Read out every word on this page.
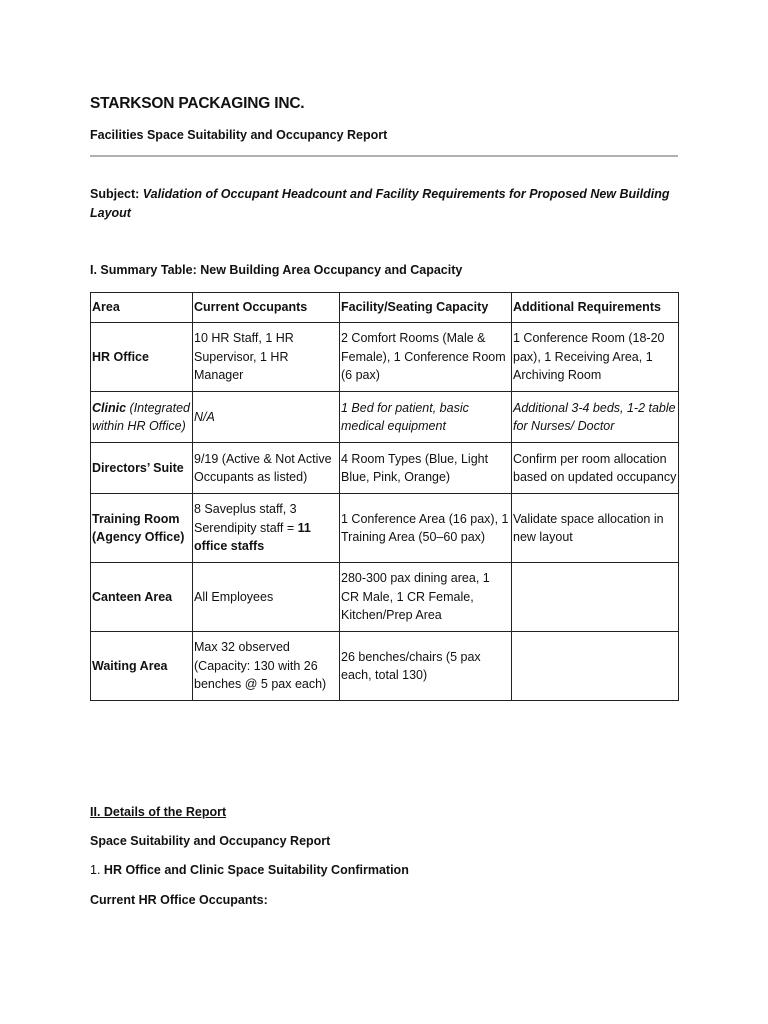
STARKSON PACKAGING INC.
Facilities Space Suitability and Occupancy Report
Subject: Validation of Occupant Headcount and Facility Requirements for Proposed New Building Layout
I. Summary Table: New Building Area Occupancy and Capacity
Area	Current Occupants	Facility/Seating Capacity	Additional Requirements
HR Office	10 HR Staff, 1 HR Supervisor, 1 HR Manager	2 Comfort Rooms (Male & Female), 1 Conference Room (6 pax)	1 Conference Room (18-20 pax), 1 Receiving Area, 1 Archiving Room
Clinic (Integrated within HR Office)	N/A	1 Bed for patient, basic medical equipment	Additional 3-4 beds, 1-2 table for Nurses/ Doctor
Directors’ Suite	9/19 (Active & Not Active Occupants as listed)	4 Room Types (Blue, Light Blue, Pink, Orange)	Confirm per room allocation based on updated occupancy
Training Room (Agency Office)	8 Saveplus staff, 3 Serendipity staff = 11 office staffs	1 Conference Area (16 pax), 1 Training Area (50–60 pax)	Validate space allocation in new layout
Canteen Area	All Employees	280-300 pax dining area, 1 CR Male, 1 CR Female, Kitchen/Prep Area	
Waiting Area	Max 32 observed (Capacity: 130 with 26 benches @ 5 pax each)	26 benches/chairs (5 pax each, total 130)	
II. Details of the Report
Space Suitability and Occupancy Report
1. HR Office and Clinic Space Suitability Confirmation
Current HR Office Occupants:
